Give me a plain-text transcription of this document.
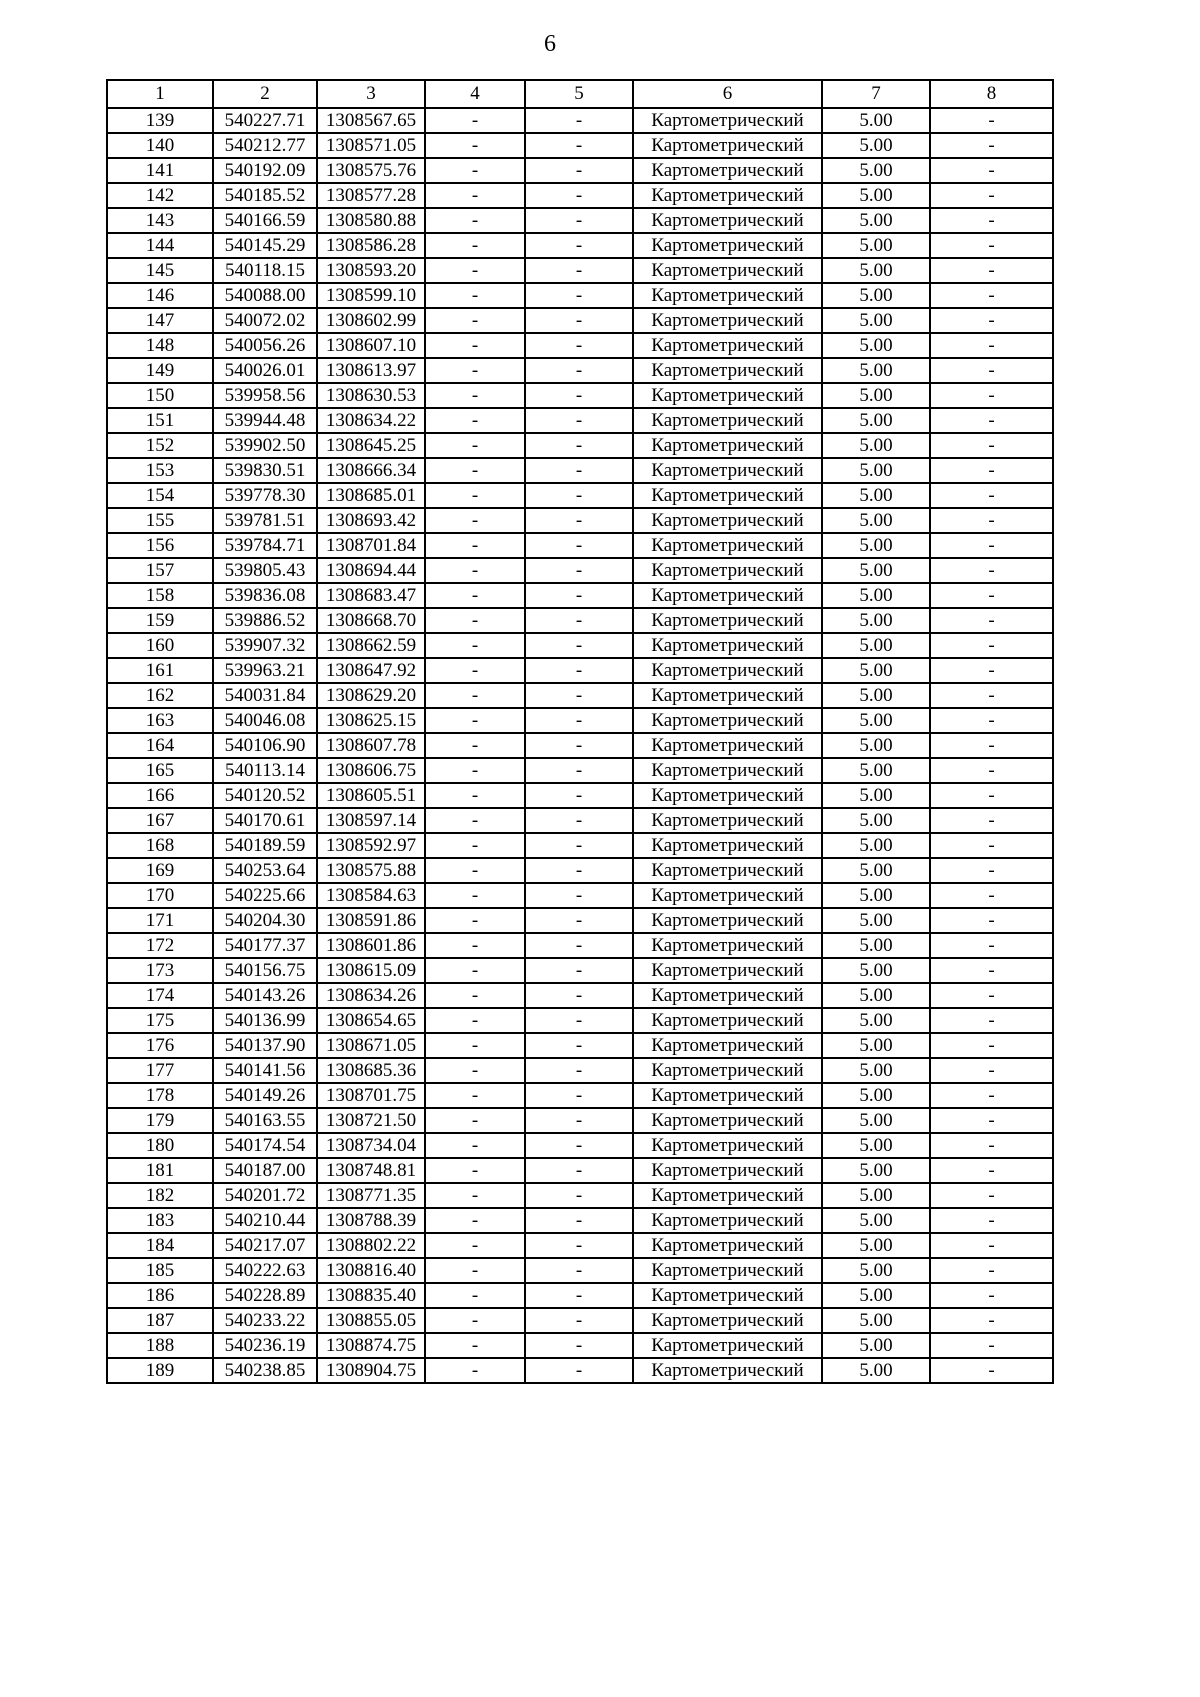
6
1	2	3	4	5	6	7	8
139	540227.71	1308567.65	-	-	Картометрический	5.00	-
140	540212.77	1308571.05	-	-	Картометрический	5.00	-
141	540192.09	1308575.76	-	-	Картометрический	5.00	-
142	540185.52	1308577.28	-	-	Картометрический	5.00	-
143	540166.59	1308580.88	-	-	Картометрический	5.00	-
144	540145.29	1308586.28	-	-	Картометрический	5.00	-
145	540118.15	1308593.20	-	-	Картометрический	5.00	-
146	540088.00	1308599.10	-	-	Картометрический	5.00	-
147	540072.02	1308602.99	-	-	Картометрический	5.00	-
148	540056.26	1308607.10	-	-	Картометрический	5.00	-
149	540026.01	1308613.97	-	-	Картометрический	5.00	-
150	539958.56	1308630.53	-	-	Картометрический	5.00	-
151	539944.48	1308634.22	-	-	Картометрический	5.00	-
152	539902.50	1308645.25	-	-	Картометрический	5.00	-
153	539830.51	1308666.34	-	-	Картометрический	5.00	-
154	539778.30	1308685.01	-	-	Картометрический	5.00	-
155	539781.51	1308693.42	-	-	Картометрический	5.00	-
156	539784.71	1308701.84	-	-	Картометрический	5.00	-
157	539805.43	1308694.44	-	-	Картометрический	5.00	-
158	539836.08	1308683.47	-	-	Картометрический	5.00	-
159	539886.52	1308668.70	-	-	Картометрический	5.00	-
160	539907.32	1308662.59	-	-	Картометрический	5.00	-
161	539963.21	1308647.92	-	-	Картометрический	5.00	-
162	540031.84	1308629.20	-	-	Картометрический	5.00	-
163	540046.08	1308625.15	-	-	Картометрический	5.00	-
164	540106.90	1308607.78	-	-	Картометрический	5.00	-
165	540113.14	1308606.75	-	-	Картометрический	5.00	-
166	540120.52	1308605.51	-	-	Картометрический	5.00	-
167	540170.61	1308597.14	-	-	Картометрический	5.00	-
168	540189.59	1308592.97	-	-	Картометрический	5.00	-
169	540253.64	1308575.88	-	-	Картометрический	5.00	-
170	540225.66	1308584.63	-	-	Картометрический	5.00	-
171	540204.30	1308591.86	-	-	Картометрический	5.00	-
172	540177.37	1308601.86	-	-	Картометрический	5.00	-
173	540156.75	1308615.09	-	-	Картометрический	5.00	-
174	540143.26	1308634.26	-	-	Картометрический	5.00	-
175	540136.99	1308654.65	-	-	Картометрический	5.00	-
176	540137.90	1308671.05	-	-	Картометрический	5.00	-
177	540141.56	1308685.36	-	-	Картометрический	5.00	-
178	540149.26	1308701.75	-	-	Картометрический	5.00	-
179	540163.55	1308721.50	-	-	Картометрический	5.00	-
180	540174.54	1308734.04	-	-	Картометрический	5.00	-
181	540187.00	1308748.81	-	-	Картометрический	5.00	-
182	540201.72	1308771.35	-	-	Картометрический	5.00	-
183	540210.44	1308788.39	-	-	Картометрический	5.00	-
184	540217.07	1308802.22	-	-	Картометрический	5.00	-
185	540222.63	1308816.40	-	-	Картометрический	5.00	-
186	540228.89	1308835.40	-	-	Картометрический	5.00	-
187	540233.22	1308855.05	-	-	Картометрический	5.00	-
188	540236.19	1308874.75	-	-	Картометрический	5.00	-
189	540238.85	1308904.75	-	-	Картометрический	5.00	-
